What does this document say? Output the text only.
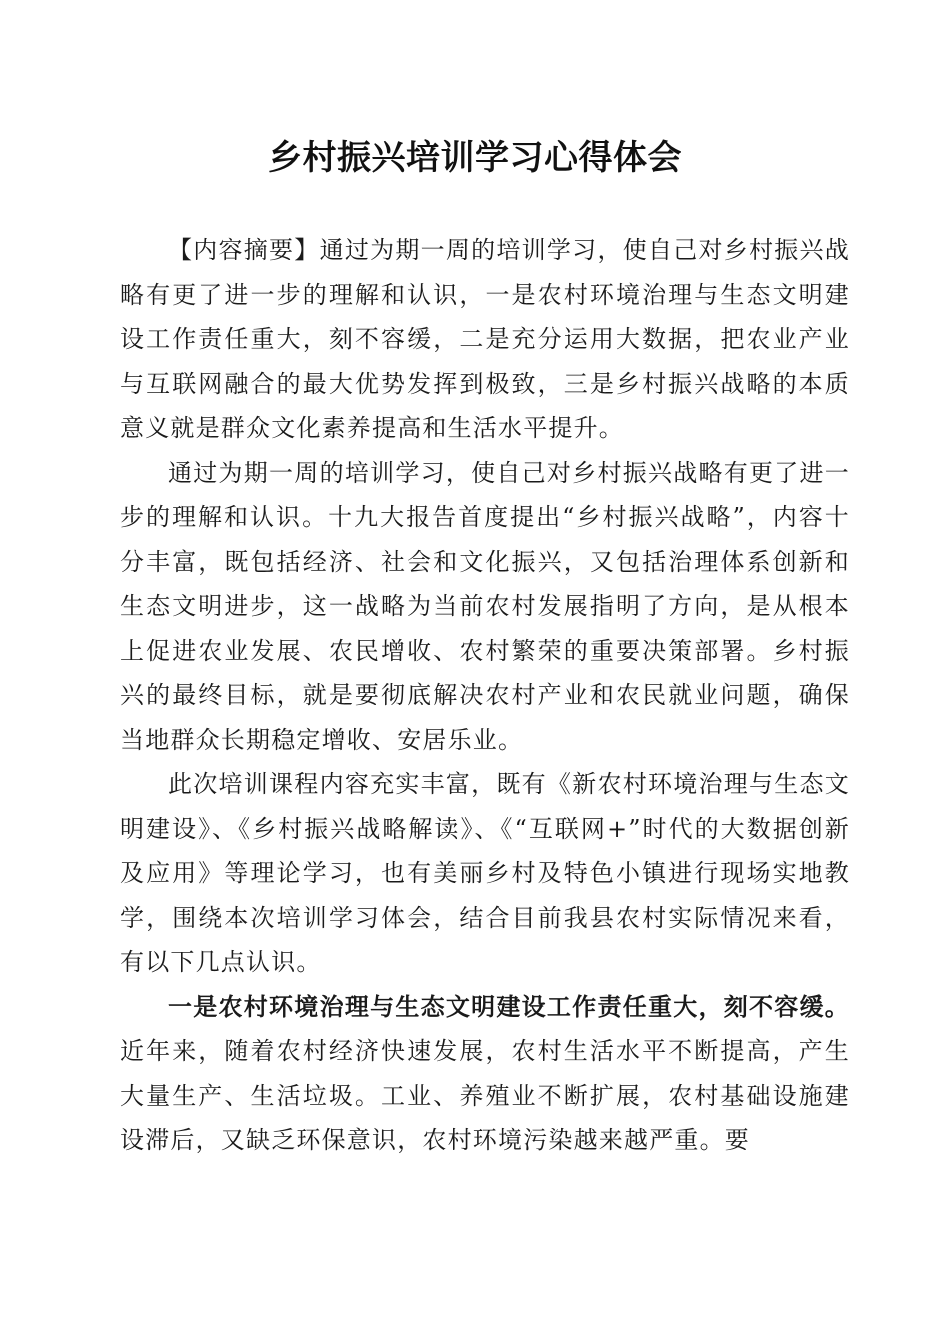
乡村振兴培训学习心得体会

【内容摘要】通过为期一周的培训学习，使自己对乡村振兴战略有更了进一步的理解和认识，一是农村环境治理与生态文明建设工作责任重大，刻不容缓，二是充分运用大数据，把农业产业与互联网融合的最大优势发挥到极致，三是乡村振兴战略的本质意义就是群众文化素养提高和生活水平提升。

通过为期一周的培训学习，使自己对乡村振兴战略有更了进一步的理解和认识。十九大报告首度提出“乡村振兴战略”，内容十分丰富，既包括经济、社会和文化振兴，又包括治理体系创新和生态文明进步，这一战略为当前农村发展指明了方向，是从根本上促进农业发展、农民增收、农村繁荣的重要决策部署。乡村振兴的最终目标，就是要彻底解决农村产业和农民就业问题，确保当地群众长期稳定增收、安居乐业。

此次培训课程内容充实丰富，既有《新农村环境治理与生态文明建设》、《乡村振兴战略解读》、《“互联网+”时代的大数据创新及应用》等理论学习，也有美丽乡村及特色小镇进行现场实地教学，围绕本次培训学习体会，结合目前我县农村实际情况来看，有以下几点认识。

一是农村环境治理与生态文明建设工作责任重大，刻不容缓。近年来，随着农村经济快速发展，农村生活水平不断提高，产生大量生产、生活垃圾。工业、养殖业不断扩展，农村基础设施建设滞后，又缺乏环保意识，农村环境污染越来越严重。要
